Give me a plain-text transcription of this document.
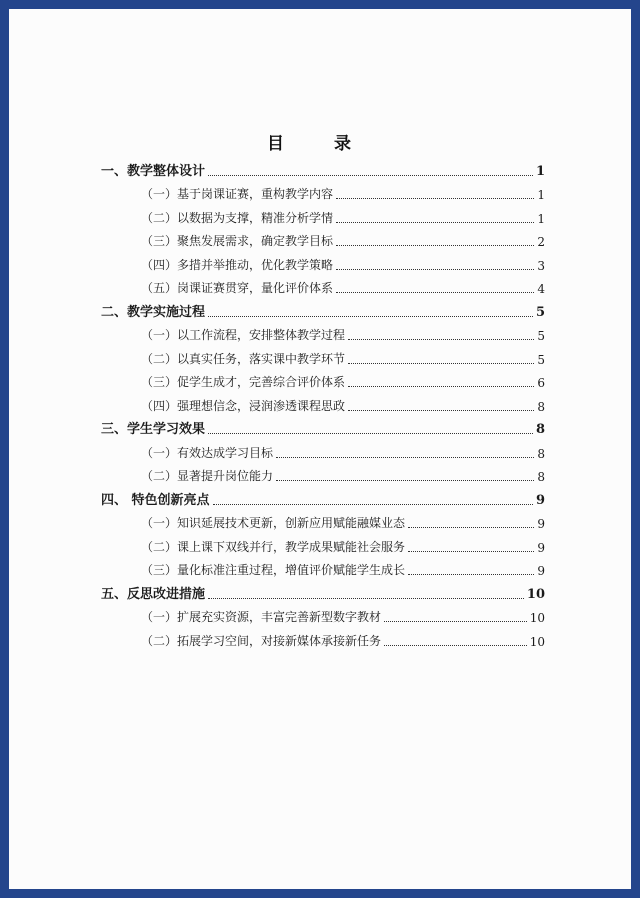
目 录
一、教学整体设计	1
（一）基于岗课证赛，重构教学内容	1
（二）以数据为支撑，精准分析学情	1
（三）聚焦发展需求，确定教学目标	2
（四）多措并举推动，优化教学策略	3
（五）岗课证赛贯穿，量化评价体系	4
二、教学实施过程	5
（一）以工作流程，安排整体教学过程	5
（二）以真实任务，落实课中教学环节	5
（三）促学生成才，完善综合评价体系	6
（四）强理想信念，浸润渗透课程思政	8
三、学生学习效果	8
（一）有效达成学习目标	8
（二）显著提升岗位能力	8
四、 特色创新亮点	9
（一）知识延展技术更新，创新应用赋能融媒业态	9
（二）课上课下双线并行，教学成果赋能社会服务	9
（三）量化标准注重过程，增值评价赋能学生成长	9
五、反思改进措施	10
（一）扩展充实资源，丰富完善新型数字教材	10
（二）拓展学习空间，对接新媒体承接新任务	10
